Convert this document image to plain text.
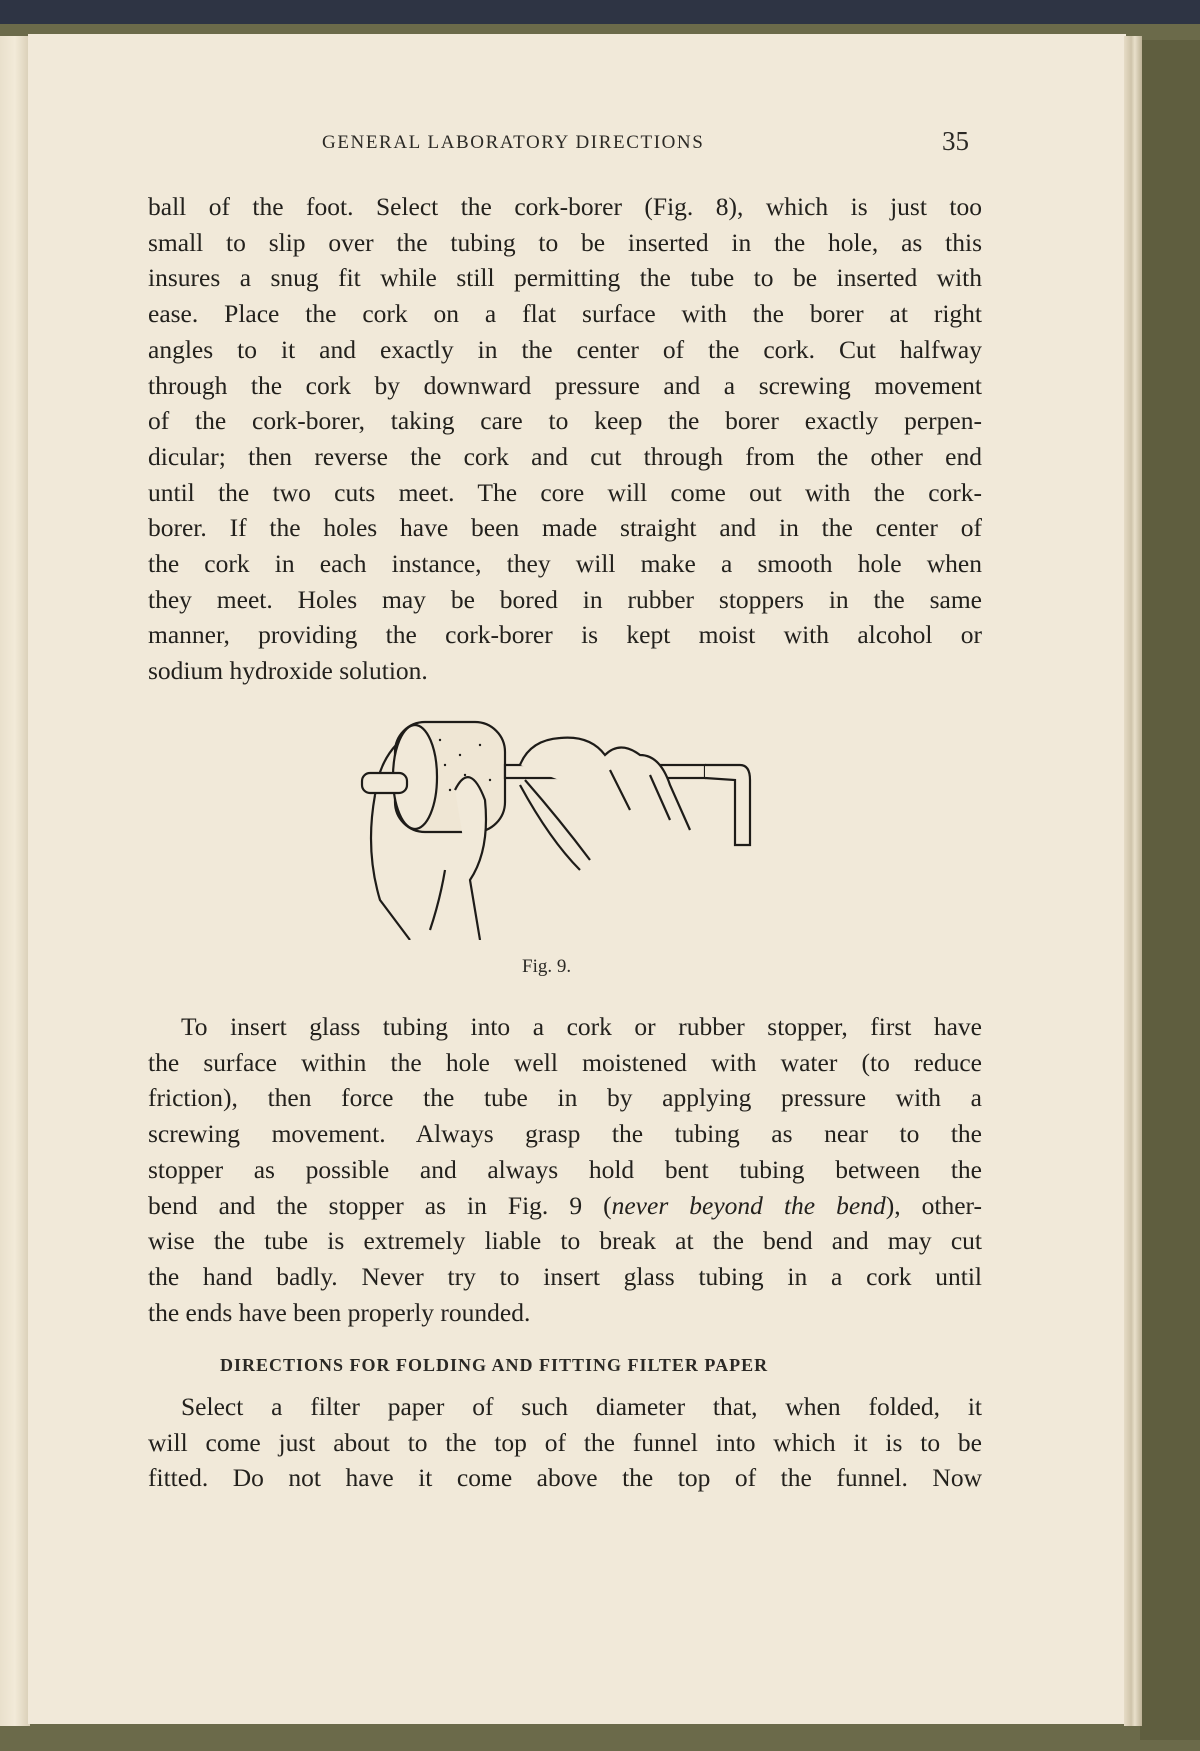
GENERAL LABORATORY DIRECTIONS	35
ball of the foot. Select the cork-borer (Fig. 8), which is just too
small to slip over the tubing to be inserted in the hole, as this
insures a snug fit while still permitting the tube to be inserted with
ease. Place the cork on a flat surface with the borer at right
angles to it and exactly in the center of the cork. Cut halfway
through the cork by downward pressure and a screwing movement
of the cork-borer, taking care to keep the borer exactly perpen-
dicular; then reverse the cork and cut through from the other end
until the two cuts meet. The core will come out with the cork-
borer. If the holes have been made straight and in the center of
the cork in each instance, they will make a smooth hole when
they meet. Holes may be bored in rubber stoppers in the same
manner, providing the cork-borer is kept moist with alcohol or
sodium hydroxide solution.
Fig. 9.
To insert glass tubing into a cork or rubber stopper, first have
the surface within the hole well moistened with water (to reduce
friction), then force the tube in by applying pressure with a
screwing movement. Always grasp the tubing as near to the
stopper as possible and always hold bent tubing between the
bend and the stopper as in Fig. 9 (never beyond the bend), other-
wise the tube is extremely liable to break at the bend and may cut
the hand badly. Never try to insert glass tubing in a cork until
the ends have been properly rounded.
DIRECTIONS FOR FOLDING AND FITTING FILTER PAPER
Select a filter paper of such diameter that, when folded, it
will come just about to the top of the funnel into which it is to be
fitted. Do not have it come above the top of the funnel. Now
